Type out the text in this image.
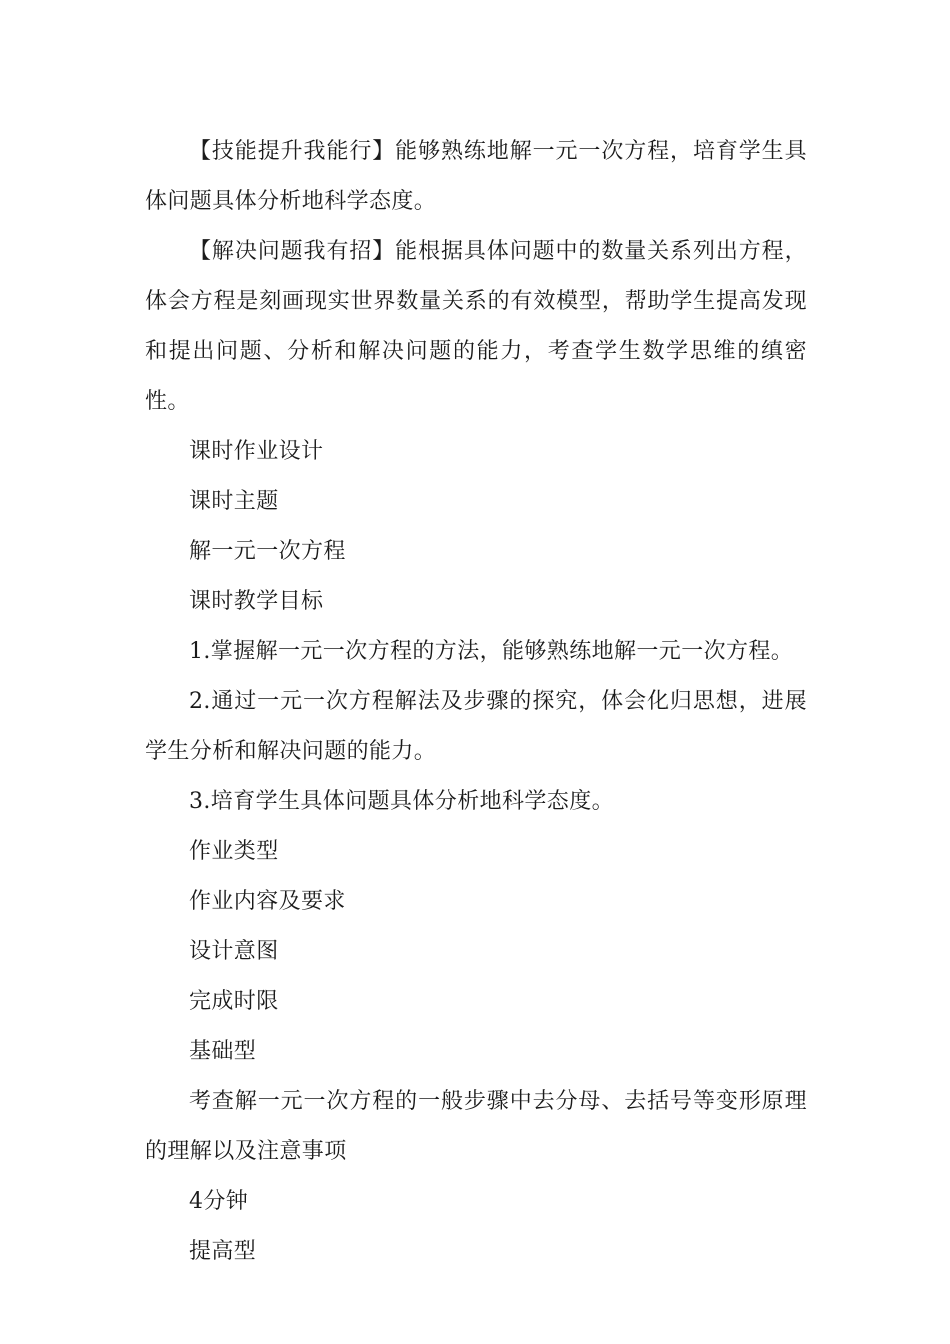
【技能提升我能行】能够熟练地解一元一次方程，培育学生具体问题具体分析地科学态度。

【解决问题我有招】能根据具体问题中的数量关系列出方程，体会方程是刻画现实世界数量关系的有效模型，帮助学生提高发现和提出问题、分析和解决问题的能力，考查学生数学思维的缜密性。

课时作业设计

课时主题

解一元一次方程

课时教学目标

1.掌握解一元一次方程的方法，能够熟练地解一元一次方程。

2.通过一元一次方程解法及步骤的探究，体会化归思想，进展学生分析和解决问题的能力。

3.培育学生具体问题具体分析地科学态度。

作业类型

作业内容及要求

设计意图

完成时限

基础型

考查解一元一次方程的一般步骤中去分母、去括号等变形原理的理解以及注意事项

4分钟

提高型
